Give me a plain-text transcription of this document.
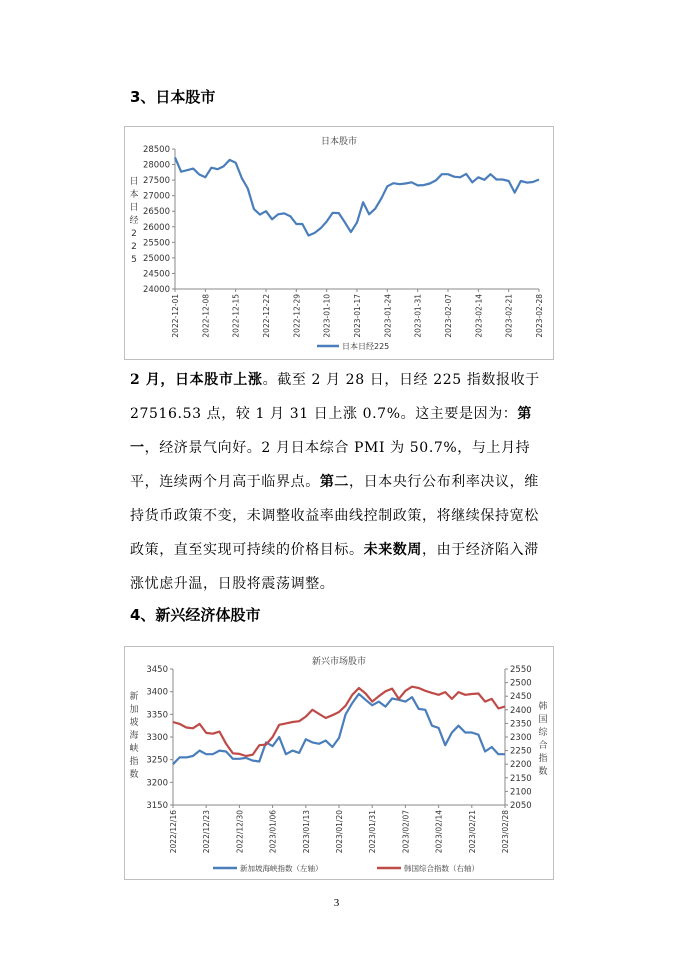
3、日本股市
日本股市
24000
24500
25000
25500
26000
26500
27000
27500
28000
28500
日
本
日
经
2
2
5
2022-12-01	2022-12-08	2022-12-15	2022-12-22	2022-12-29	2023-01-10	2023-01-17	2023-01-24	2023-01-31	2023-02-07	2023-02-14	2023-02-21	2023-02-28
日本日经225

2 月，日本股市上涨。截至 2 月 28 日，日经 225 指数报收于 27516.53 点，较 1 月 31 日上涨 0.7%。这主要是因为：第一，经济景气向好。2 月日本综合 PMI 为 50.7%，与上月持平，连续两个月高于临界点。第二，日本央行公布利率决议，维持货币政策不变，未调整收益率曲线控制政策，将继续保持宽松政策，直至实现可持续的价格目标。未来数周，由于经济陷入滞涨忧虑升温，日股将震荡调整。

4、新兴经济体股市
新兴市场股市
3150
3200
3250
3300
3350
3400
3450
2050
2100
2150
2200
2250
2300
2350
2400
2450
2500
2550
新
加
坡
海
峡
指
数
韩
国
综
合
指
数
2022/12/16	2022/12/23	2022/12/30	2023/01/06	2023/01/13	2023/01/20	2023/01/31	2023/02/07	2023/02/14	2023/02/21	2023/02/28
新加坡海峡指数（左轴）	韩国综合指数（右轴）
3
